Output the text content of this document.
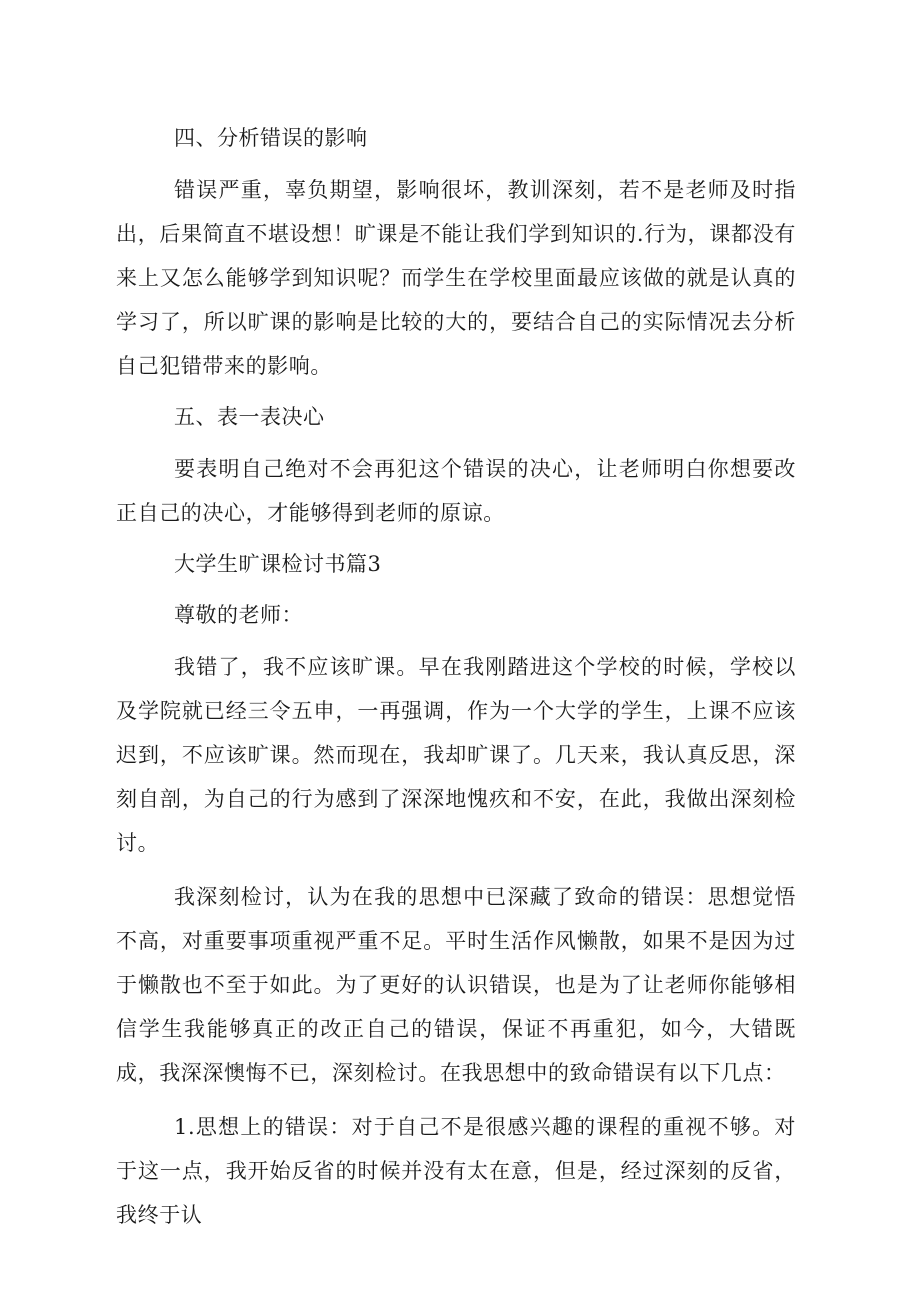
四、分析错误的影响

错误严重，辜负期望，影响很坏，教训深刻，若不是老师及时指出，后果简直不堪设想！旷课是不能让我们学到知识的.行为，课都没有来上又怎么能够学到知识呢？而学生在学校里面最应该做的就是认真的学习了，所以旷课的影响是比较的大的，要结合自己的实际情况去分析自己犯错带来的影响。

五、表一表决心

要表明自己绝对不会再犯这个错误的决心，让老师明白你想要改正自己的决心，才能够得到老师的原谅。

大学生旷课检讨书篇3

尊敬的老师：

我错了，我不应该旷课。早在我刚踏进这个学校的时候，学校以及学院就已经三令五申，一再强调，作为一个大学的学生，上课不应该迟到，不应该旷课。然而现在，我却旷课了。几天来，我认真反思，深刻自剖，为自己的行为感到了深深地愧疚和不安，在此，我做出深刻检讨。

我深刻检讨，认为在我的思想中已深藏了致命的错误：思想觉悟不高，对重要事项重视严重不足。平时生活作风懒散，如果不是因为过于懒散也不至于如此。为了更好的认识错误，也是为了让老师你能够相信学生我能够真正的改正自己的错误，保证不再重犯，如今，大错既成，我深深懊悔不已，深刻检讨。在我思想中的致命错误有以下几点：

1.思想上的错误：对于自己不是很感兴趣的课程的重视不够。对于这一点，我开始反省的时候并没有太在意，但是，经过深刻的反省，我终于认
